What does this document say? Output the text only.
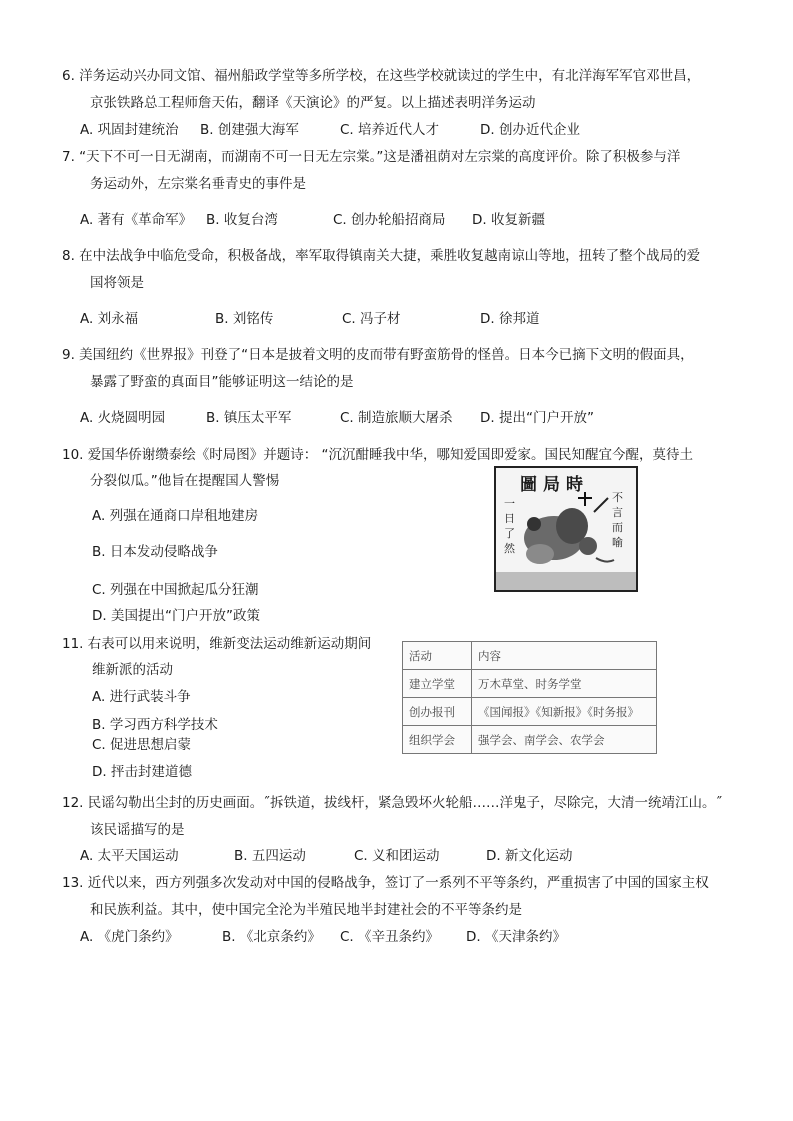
6. 洋务运动兴办同文馆、福州船政学堂等多所学校，在这些学校就读过的学生中，有北洋海军军官邓世昌，
京张铁路总工程师詹天佑，翻译《天演论》的严复。以上描述表明洋务运动
A. 巩固封建统治 B. 创建强大海军	C. 培养近代人才	D. 创办近代企业
7. “天下不可一日无湖南，而湖南不可一日无左宗棠。”这是潘祖荫对左宗棠的高度评价。除了积极参与洋
务运动外，左宗棠名垂青史的事件是
A. 著有《革命军》 B. 收复台湾	C. 创办轮船招商局 D. 收复新疆
8. 在中法战争中临危受命，积极备战，率军取得镇南关大捷，乘胜收复越南谅山等地，扭转了整个战局的爱
国将领是
A. 刘永福	B. 刘铭传	C. 冯子材	D. 徐邦道
9. 美国纽约《世界报》刊登了“日本是披着文明的皮而带有野蛮筋骨的怪兽。日本今已摘下文明的假面具，
暴露了野蛮的真面目”能够证明这一结论的是
A. 火烧圆明园	B. 镇压太平军	C. 制造旅顺大屠杀 D. 提出“门户开放”
10. 爱国华侨谢缵泰绘《时局图》并题诗： “沉沉酣睡我中华，哪知爱国即爱家。国民知醒宜今醒，莫待土
分裂似瓜。”他旨在提醒国人警惕
A. 列强在通商口岸租地建房
B. 日本发动侵略战争
C. 列强在中国掀起瓜分狂潮
D. 美国提出“门户开放”政策
圖局時
一日了然
不言而喻
11. 右表可以用来说明，维新变法运动维新运动期间
维新派的活动
A. 进行武装斗争
B. 学习西方科学技术
C. 促进思想启蒙
D. 抨击封建道德
活动	内容
建立学堂	万木草堂、时务学堂
创办报刊	《国闻报》《知新报》《时务报》
组织学会	强学会、南学会、农学会
12. 民谣勾勒出尘封的历史画面。˝拆铁道，拔线杆，紧急毁坏火轮船……洋鬼子，尽除完，大清一统靖江山。˝
该民谣描写的是
A. 太平天国运动	B. 五四运动	C. 义和团运动	D. 新文化运动
13. 近代以来，西方列强多次发动对中国的侵略战争，签订了一系列不平等条约，严重损害了中国的国家主权
和民族利益。其中，使中国完全沦为半殖民地半封建社会的不平等条约是
A. 《虎门条约》	B. 《北京条约》 C. 《辛丑条约》 D. 《天津条约》
